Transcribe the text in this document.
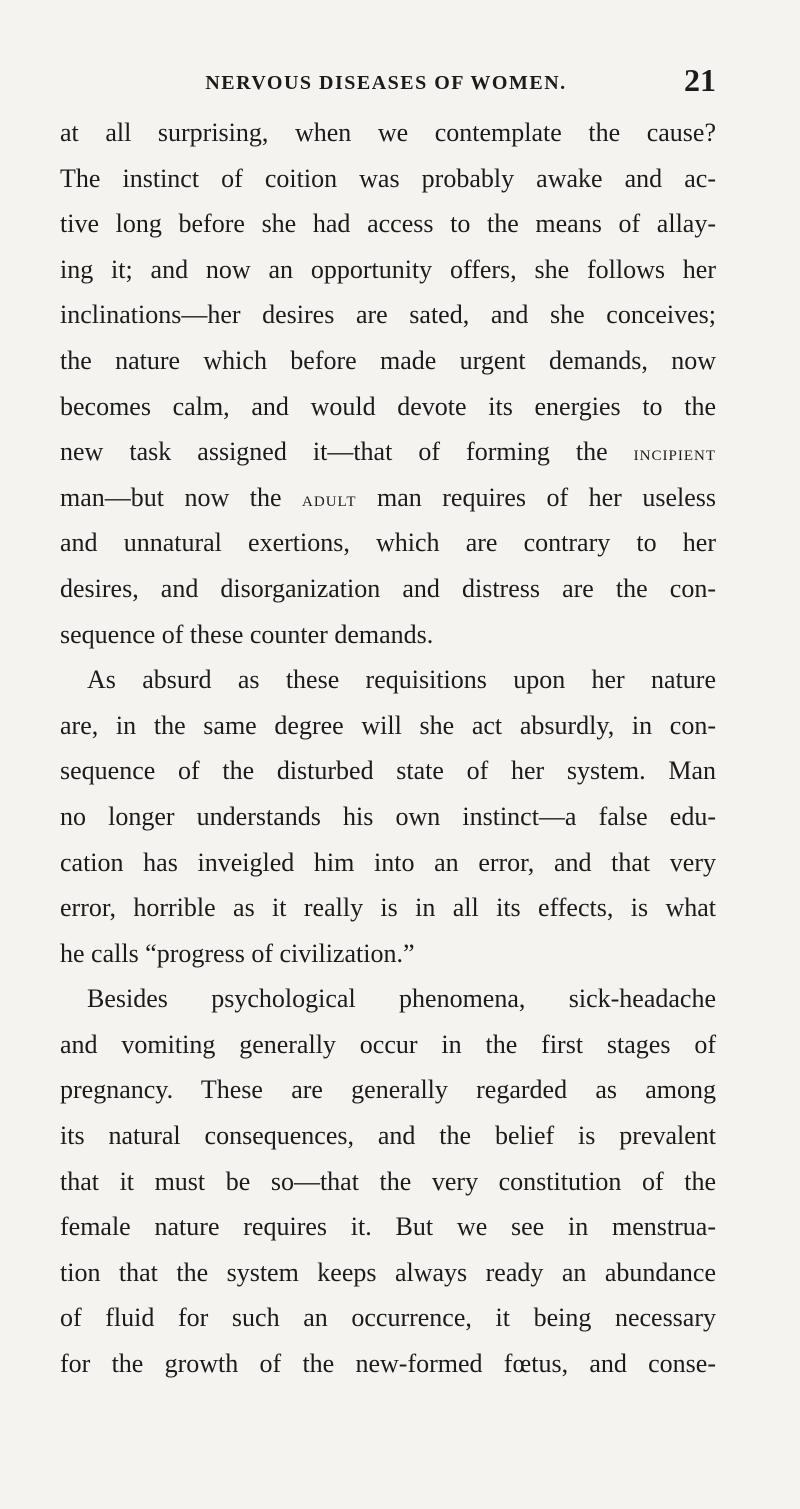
NERVOUS DISEASES OF WOMEN.	21
at all surprising, when we contemplate the cause?
The instinct of coition was probably awake and ac-
tive long before she had access to the means of allay-
ing it; and now an opportunity offers, she follows her
inclinations—her desires are sated, and she conceives;
the nature which before made urgent demands, now
becomes calm, and would devote its energies to the
new task assigned it—that of forming the incipient
man—but now the adult man requires of her useless
and unnatural exertions, which are contrary to her
desires, and disorganization and distress are the con-
sequence of these counter demands.
As absurd as these requisitions upon her nature
are, in the same degree will she act absurdly, in con-
sequence of the disturbed state of her system. Man
no longer understands his own instinct—a false edu-
cation has inveigled him into an error, and that very
error, horrible as it really is in all its effects, is what
he calls “progress of civilization.”
Besides psychological phenomena, sick-headache
and vomiting generally occur in the first stages of
pregnancy. These are generally regarded as among
its natural consequences, and the belief is prevalent
that it must be so—that the very constitution of the
female nature requires it. But we see in menstrua-
tion that the system keeps always ready an abundance
of fluid for such an occurrence, it being necessary
for the growth of the new-formed fœtus, and conse-
